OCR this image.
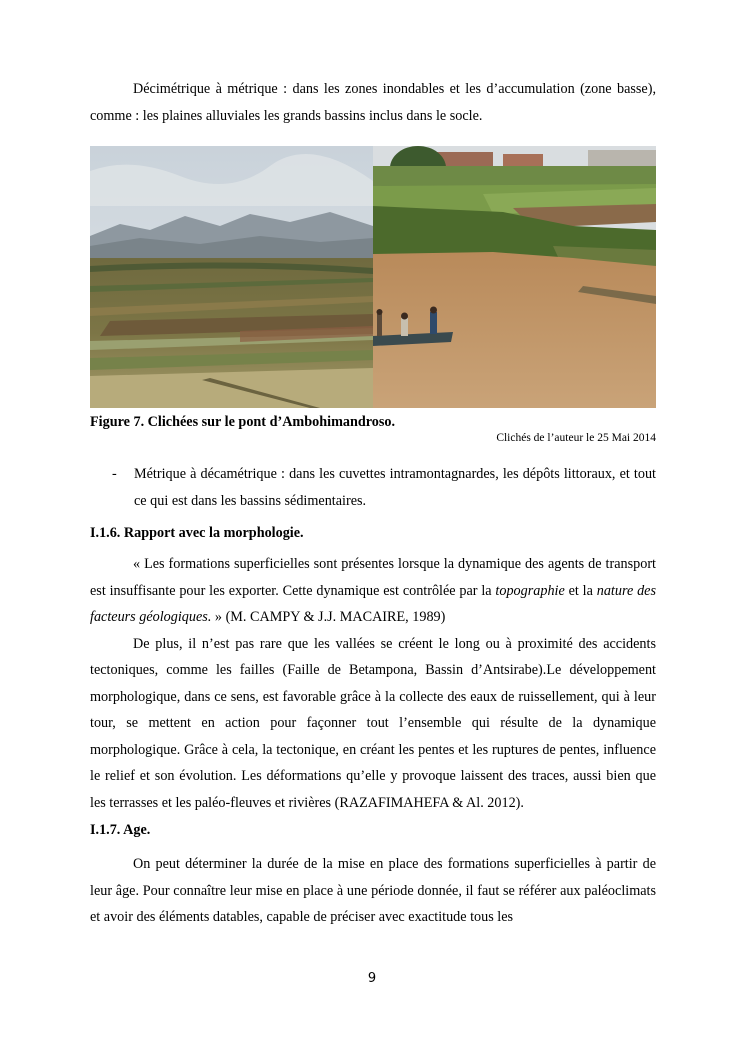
Décimétrique à métrique : dans les zones inondables et les d’accumulation (zone basse), comme : les plaines alluviales les grands bassins inclus dans le socle.

Figure 7. Clichées sur le pont d’Ambohimandroso.
Clichés de l’auteur le 25 Mai 2014
- Métrique à décamétrique : dans les cuvettes intramontagnardes, les dépôts littoraux, et tout ce qui est dans les bassins sédimentaires.
I.1.6. Rapport avec la morphologie.

« Les formations superficielles sont présentes lorsque la dynamique des agents de transport est insuffisante pour les exporter. Cette dynamique est contrôlée par la topographie et la nature des facteurs géologiques. » (M. CAMPY & J.J. MACAIRE, 1989)

De plus, il n’est pas rare que les vallées se créent le long ou à proximité des accidents tectoniques, comme les failles (Faille de Betampona, Bassin d’Antsirabe).Le développement morphologique, dans ce sens, est favorable grâce à la collecte des eaux de ruissellement, qui à leur tour, se mettent en action pour façonner tout l’ensemble qui résulte de la dynamique morphologique. Grâce à cela, la tectonique, en créant les pentes et les ruptures de pentes, influence le relief et son évolution. Les déformations qu’elle y provoque laissent des traces, aussi bien que les terrasses et les paléo-fleuves et rivières (RAZAFIMAHEFA & Al. 2012).

I.1.7. Age.

On peut déterminer la durée de la mise en place des formations superficielles à partir de leur âge. Pour connaître leur mise en place à une période donnée, il faut se référer aux paléoclimats et avoir des éléments datables, capable de préciser avec exactitude tous les

9
